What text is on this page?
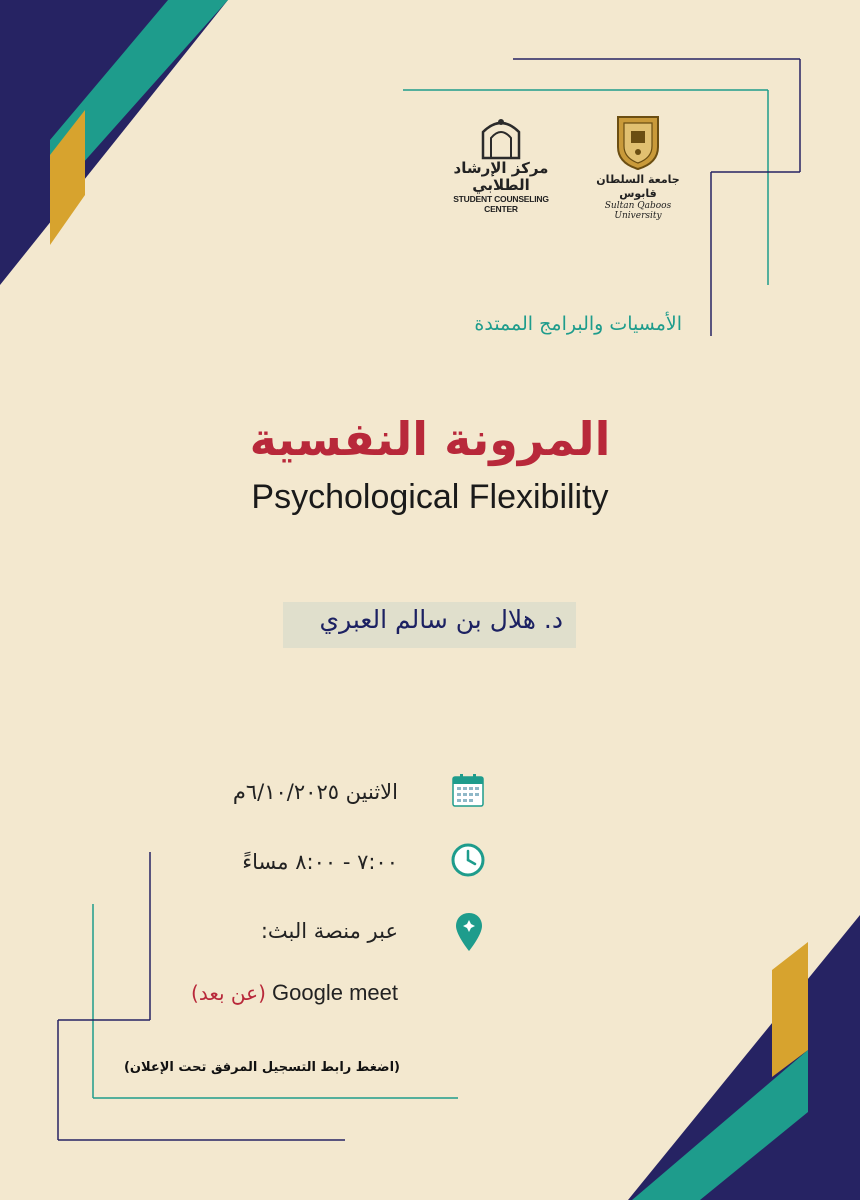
مركز الإرشاد الطلابي
STUDENT COUNSELING CENTER
جامعة السلطان قابوس
Sultan Qaboos University
الأمسيات والبرامج الممتدة
المرونة النفسية
Psychological Flexibility
د. هلال بن سالم العبري
الاثنين ٦/١٠/٢٠٢٥م
٧:٠٠ - ٨:٠٠ مساءً
عبر منصة البث:
(عن بعد) Google meet
(اضغط رابط التسجيل المرفق تحت الإعلان)
